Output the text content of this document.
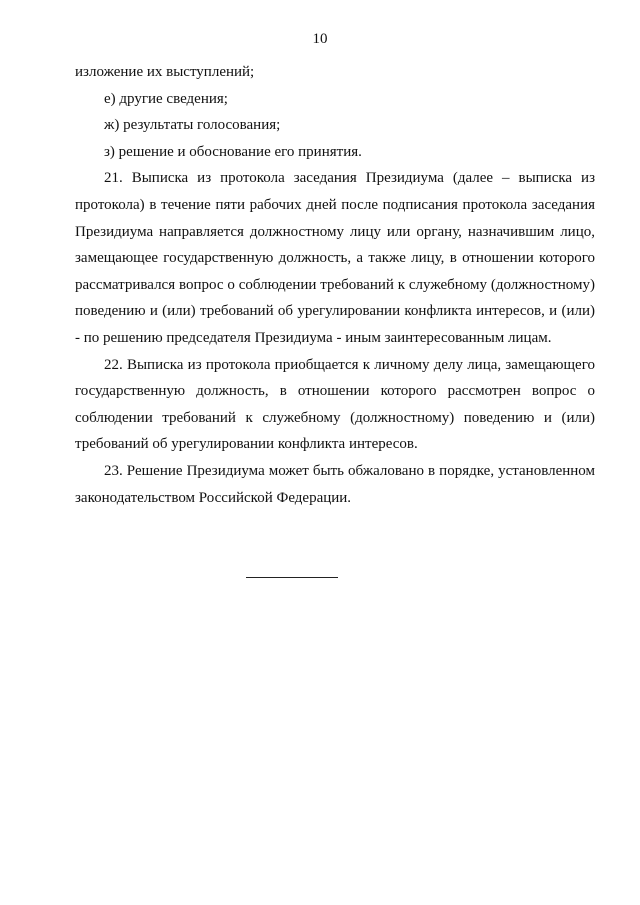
10

изложение их выступлений;

е) другие сведения;

ж) результаты голосования;

з) решение и обоснование его принятия.

21. Выписка из протокола заседания Президиума (далее – выписка из протокола) в течение пяти рабочих дней после подписания протокола заседания Президиума направляется должностному лицу или органу, назначившим лицо, замещающее государственную должность, а также лицу, в отношении которого рассматривался вопрос о соблюдении требований к служебному (должностному) поведению и (или) требований об урегулировании конфликта интересов, и (или) - по решению председателя Президиума - иным заинтересованным лицам.

22. Выписка из протокола приобщается к личному делу лица, замещающего государственную должность, в отношении которого рассмотрен вопрос о соблюдении требований к служебному (должностному) поведению и (или) требований об урегулировании конфликта интересов.

23. Решение Президиума может быть обжаловано в порядке, установленном законодательством Российской Федерации.
